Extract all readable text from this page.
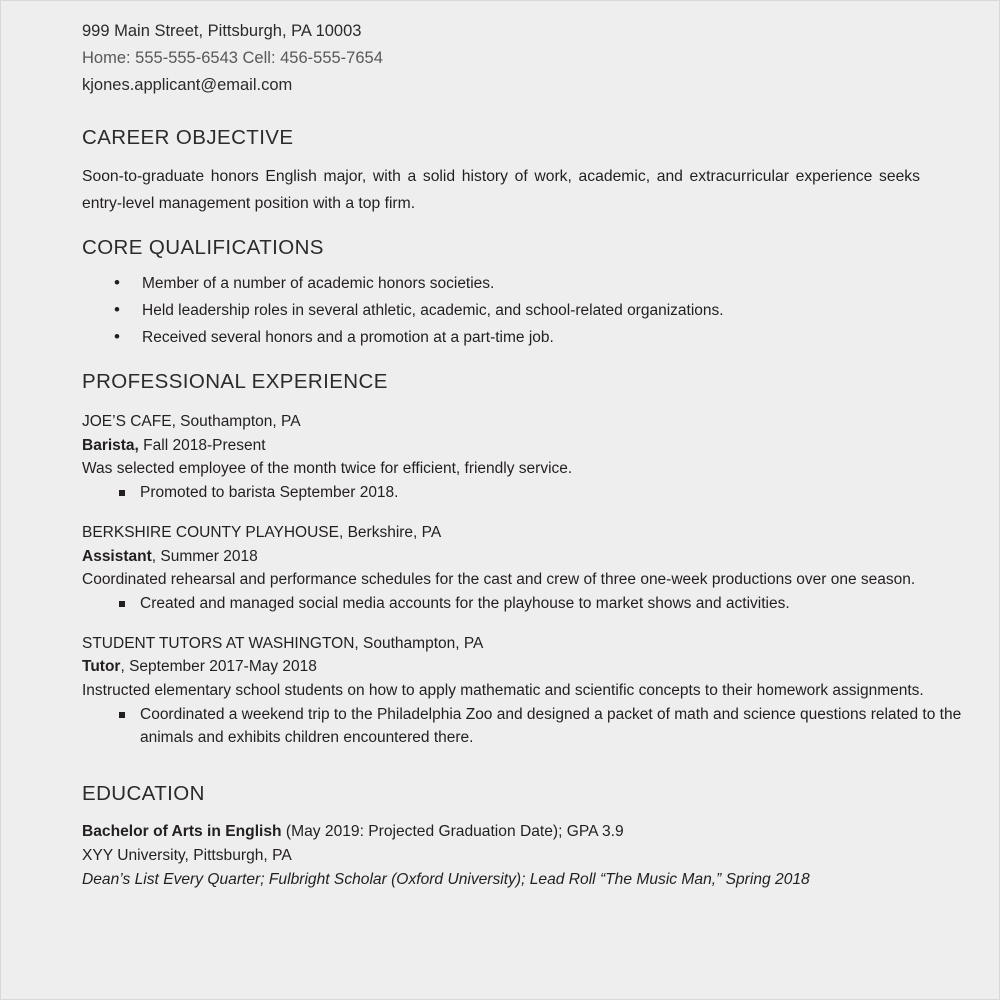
999 Main Street, Pittsburgh, PA 10003
Home: 555-555-6543 Cell: 456-555-7654
kjones.applicant@email.com
CAREER OBJECTIVE
Soon-to-graduate honors English major, with a solid history of work, academic, and extracurricular experience seeks entry-level management position with a top firm.
CORE QUALIFICATIONS
• Member of a number of academic honors societies.
• Held leadership roles in several athletic, academic, and school-related organizations.
• Received several honors and a promotion at a part-time job.
PROFESSIONAL EXPERIENCE
JOE’S CAFE, Southampton, PA
Barista, Fall 2018-Present
Was selected employee of the month twice for efficient, friendly service.
Promoted to barista September 2018.
BERKSHIRE COUNTY PLAYHOUSE, Berkshire, PA
Assistant, Summer 2018
Coordinated rehearsal and performance schedules for the cast and crew of three one-week productions over one season.
Created and managed social media accounts for the playhouse to market shows and activities.
STUDENT TUTORS AT WASHINGTON, Southampton, PA
Tutor, September 2017-May 2018
Instructed elementary school students on how to apply mathematic and scientific concepts to their homework assignments.
Coordinated a weekend trip to the Philadelphia Zoo and designed a packet of math and science questions related to the animals and exhibits children encountered there.
EDUCATION
Bachelor of Arts in English (May 2019: Projected Graduation Date); GPA 3.9
XYY University, Pittsburgh, PA
Dean’s List Every Quarter; Fulbright Scholar (Oxford University); Lead Roll “The Music Man,” Spring 2018
